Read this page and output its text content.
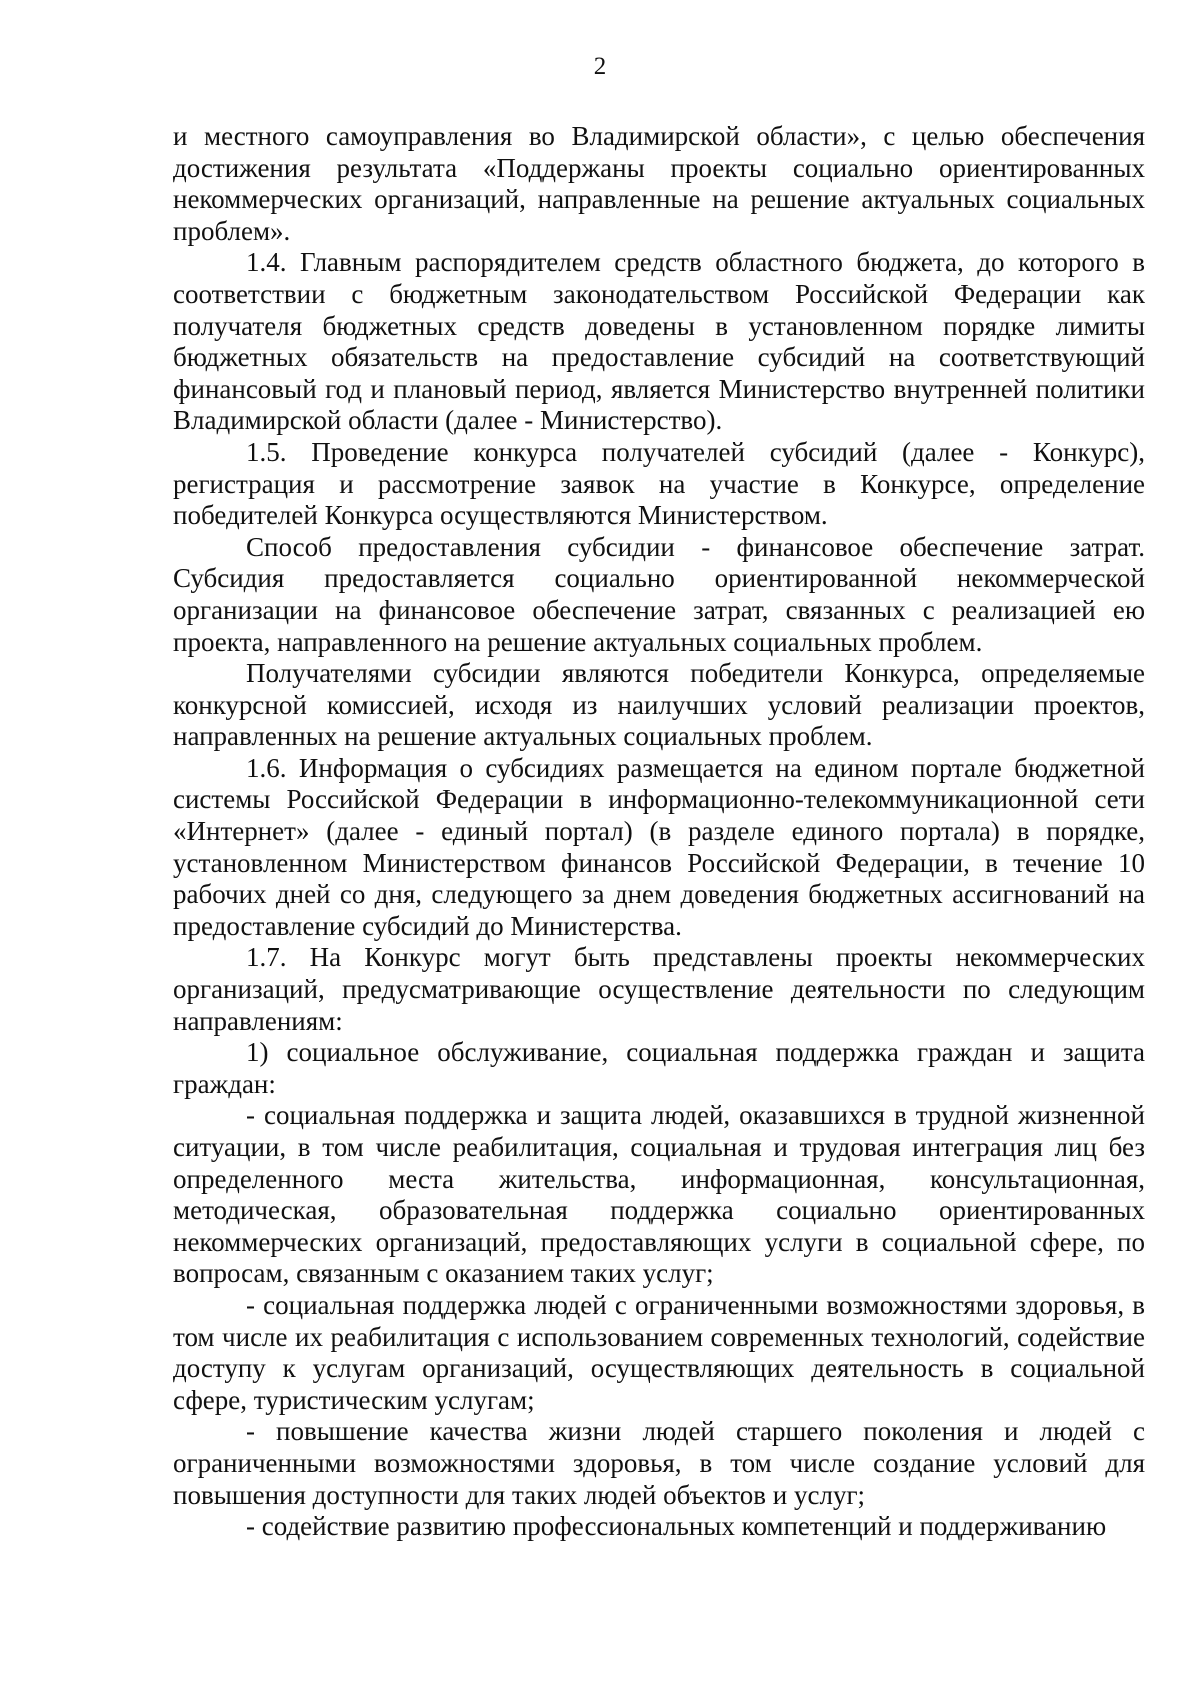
2

и местного самоуправления во Владимирской области», с целью обеспечения достижения результата «Поддержаны проекты социально ориентированных некоммерческих организаций, направленные на решение актуальных социальных проблем».

1.4. Главным распорядителем средств областного бюджета, до которого в соответствии с бюджетным законодательством Российской Федерации как получателя бюджетных средств доведены в установленном порядке лимиты бюджетных обязательств на предоставление субсидий на соответствующий финансовый год и плановый период, является Министерство внутренней политики Владимирской области (далее - Министерство).

1.5. Проведение конкурса получателей субсидий (далее - Конкурс), регистрация и рассмотрение заявок на участие в Конкурсе, определение победителей Конкурса осуществляются Министерством.

Способ предоставления субсидии - финансовое обеспечение затрат. Субсидия предоставляется социально ориентированной некоммерческой организации на финансовое обеспечение затрат, связанных с реализацией ею проекта, направленного на решение актуальных социальных проблем.

Получателями субсидии являются победители Конкурса, определяемые конкурсной комиссией, исходя из наилучших условий реализации проектов, направленных на решение актуальных социальных проблем.

1.6. Информация о субсидиях размещается на едином портале бюджетной системы Российской Федерации в информационно-телекоммуникационной сети «Интернет» (далее - единый портал) (в разделе единого портала) в порядке, установленном Министерством финансов Российской Федерации, в течение 10 рабочих дней со дня, следующего за днем доведения бюджетных ассигнований на предоставление субсидий до Министерства.

1.7. На Конкурс могут быть представлены проекты некоммерческих организаций, предусматривающие осуществление деятельности по следующим направлениям:

1) социальное обслуживание, социальная поддержка граждан и защита граждан:

- социальная поддержка и защита людей, оказавшихся в трудной жизненной ситуации, в том числе реабилитация, социальная и трудовая интеграция лиц без определенного места жительства, информационная, консультационная, методическая, образовательная поддержка социально ориентированных некоммерческих организаций, предоставляющих услуги в социальной сфере, по вопросам, связанным с оказанием таких услуг;

- социальная поддержка людей с ограниченными возможностями здоровья, в том числе их реабилитация с использованием современных технологий, содействие доступу к услугам организаций, осуществляющих деятельность в социальной сфере, туристическим услугам;

- повышение качества жизни людей старшего поколения и людей с ограниченными возможностями здоровья, в том числе создание условий для повышения доступности для таких людей объектов и услуг;

- содействие развитию профессиональных компетенций и поддерживанию
